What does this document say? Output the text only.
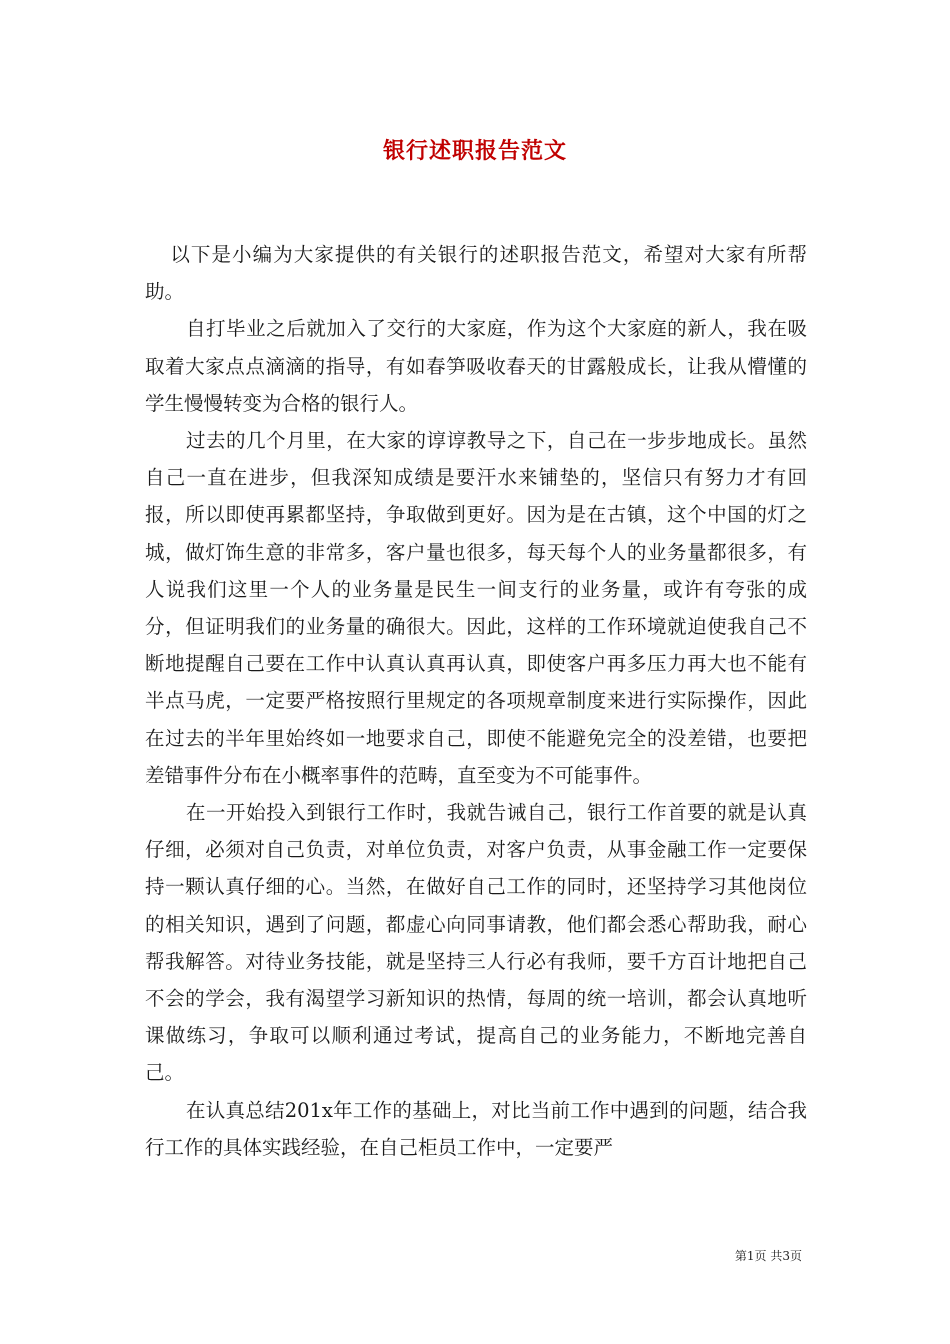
银行述职报告范文

以下是小编为大家提供的有关银行的述职报告范文，希望对大家有所帮助。

自打毕业之后就加入了交行的大家庭，作为这个大家庭的新人，我在吸取着大家点点滴滴的指导，有如春笋吸收春天的甘露般成长，让我从懵懂的学生慢慢转变为合格的银行人。

过去的几个月里，在大家的谆谆教导之下，自己在一步步地成长。虽然自己一直在进步，但我深知成绩是要汗水来铺垫的，坚信只有努力才有回报，所以即使再累都坚持，争取做到更好。因为是在古镇，这个中国的灯之城，做灯饰生意的非常多，客户量也很多，每天每个人的业务量都很多，有人说我们这里一个人的业务量是民生一间支行的业务量，或许有夸张的成分，但证明我们的业务量的确很大。因此，这样的工作环境就迫使我自己不断地提醒自己要在工作中认真认真再认真，即使客户再多压力再大也不能有半点马虎，一定要严格按照行里规定的各项规章制度来进行实际操作，因此在过去的半年里始终如一地要求自己，即使不能避免完全的没差错，也要把差错事件分布在小概率事件的范畴，直至变为不可能事件。

在一开始投入到银行工作时，我就告诫自己，银行工作首要的就是认真仔细，必须对自己负责，对单位负责，对客户负责，从事金融工作一定要保持一颗认真仔细的心。当然，在做好自己工作的同时，还坚持学习其他岗位的相关知识，遇到了问题，都虚心向同事请教，他们都会悉心帮助我，耐心帮我解答。对待业务技能，就是坚持三人行必有我师，要千方百计地把自己不会的学会，我有渴望学习新知识的热情，每周的统一培训，都会认真地听课做练习，争取可以顺利通过考试，提高自己的业务能力，不断地完善自己。

在认真总结201x年工作的基础上，对比当前工作中遇到的问题，结合我行工作的具体实践经验，在自己柜员工作中，一定要严

第1页 共3页
